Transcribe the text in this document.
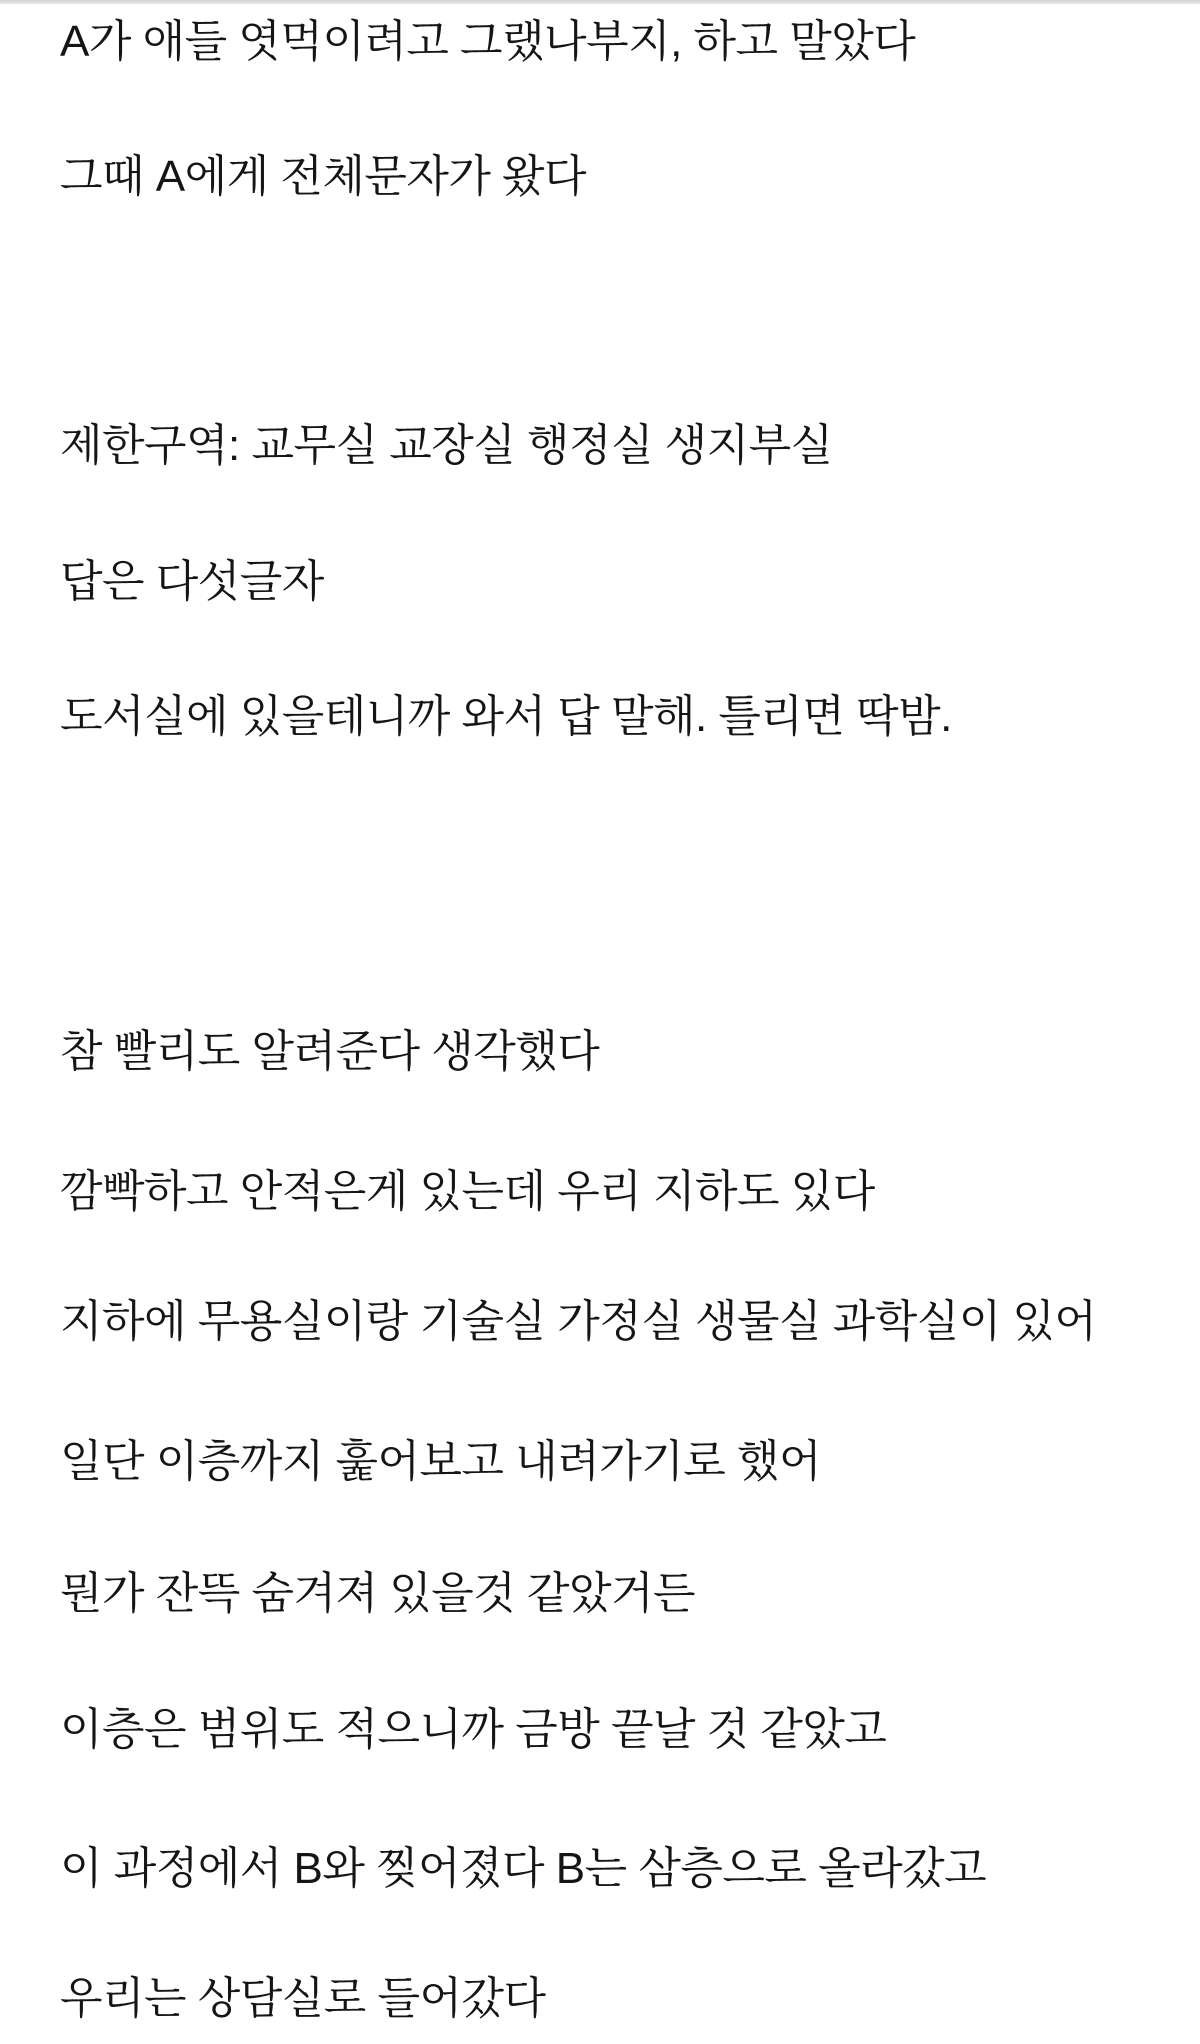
A가 애들 엿먹이려고 그랬나부지, 하고 말았다

그때 A에게 전체문자가 왔다

제한구역: 교무실 교장실 행정실 생지부실

답은 다섯글자

도서실에 있을테니까 와서 답 말해. 틀리면 딱밤.

참 빨리도 알려준다 생각했다

깜빡하고 안적은게 있는데 우리 지하도 있다

지하에 무용실이랑 기술실 가정실 생물실 과학실이 있어

일단 이층까지 훑어보고 내려가기로 했어

뭔가 잔뜩 숨겨져 있을것 같았거든

이층은 범위도 적으니까 금방 끝날 것 같았고

이 과정에서 B와 찢어졌다 B는 삼층으로 올라갔고

우리는 상담실로 들어갔다
